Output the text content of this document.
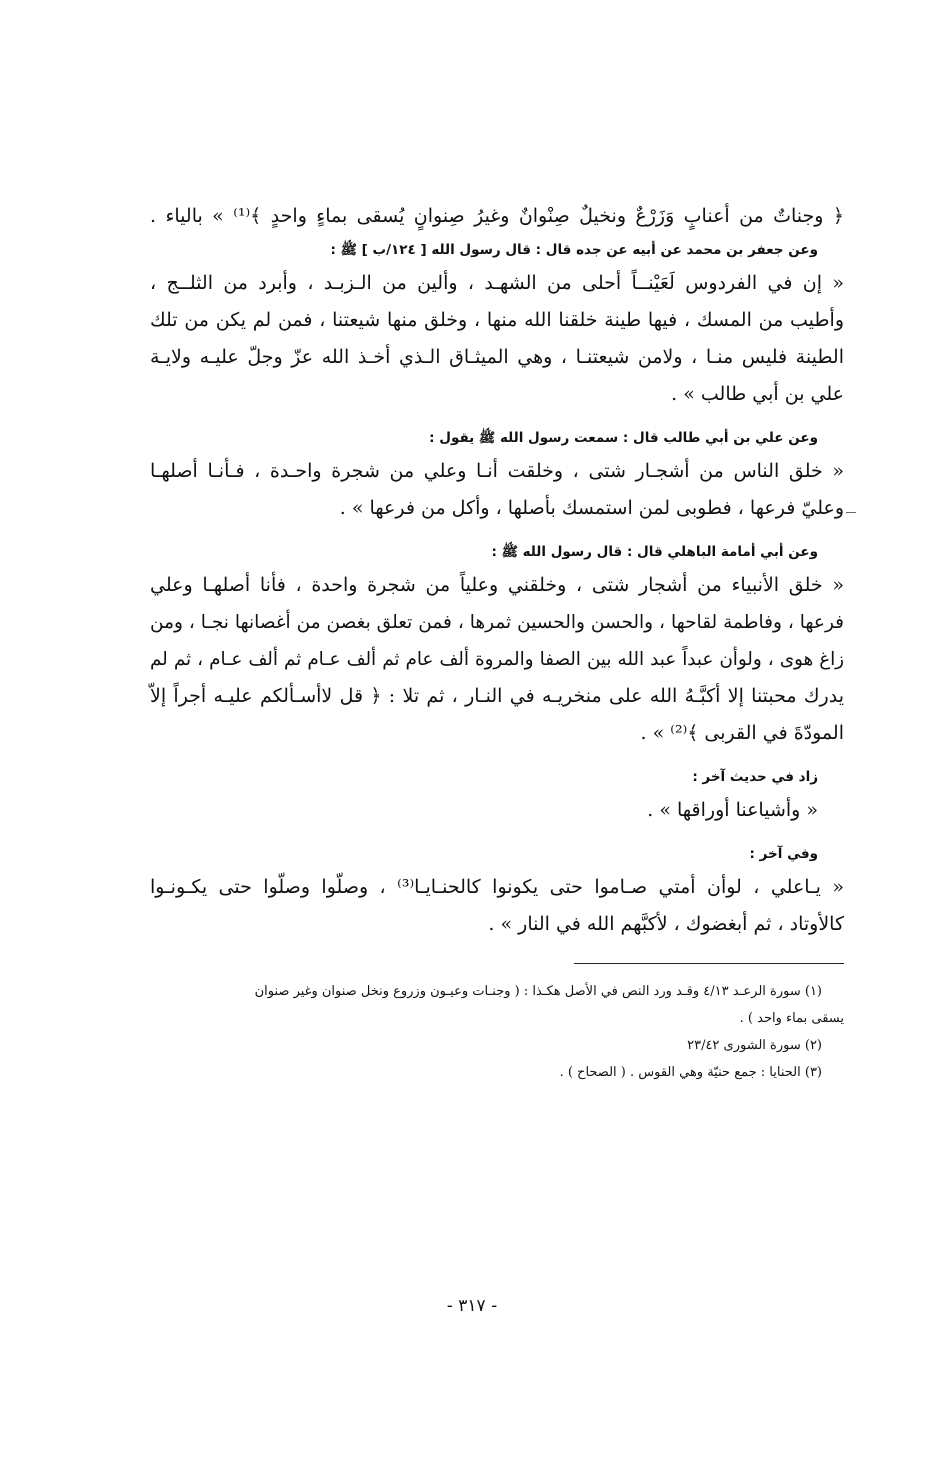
﴿ وجناتٌ من أعنابٍ وَزَرْعٌ ونخيلٌ صِنْوانٌ وغيرُ صِنوانٍ يُسقى بماءٍ واحدٍ ﴾⁽¹⁾ » بالياء .
وعن جعفر بن محمد عن أبيه عن جده قال : قال رسول الله [ ١٢٤/ب ] ﷺ :
« إن في الفردوس لَعَيْنــاً أحلى من الشهـد ، وألين من الـزبـد ، وأبرد من الثلــج ،
وأطيب من المسك ، فيها طينة خلقنا الله منها ، وخلق منها شيعتنا ، فمن لم يكن من تلك
الطينة فليس منـا ، ولامن شيعتنـا ، وهي الميثـاق الـذي أخـذ الله عزّ وجلّ عليـه ولايـة
علي بن أبي طالب » .
وعن علي بن أبي طالب قال : سمعت رسول الله ﷺ يقول :
« خلق الناس من أشجـار شتى ، وخلقت أنـا وعلي من شجرة واحـدة ، فـأنـا أصلهـا
وعليّ فرعها ، فطوبى لمن استمسك بأصلها ، وأكل من فرعها » .
وعن أبي أمامة الباهلي قال : قال رسول الله ﷺ :
« خلق الأنبياء من أشجار شتى ، وخلقني وعلياً من شجرة واحدة ، فأنا أصلهـا وعلي
فرعها ، وفاطمة لقاحها ، والحسن والحسين ثمرها ، فمن تعلق بغصن من أغصانها نجـا ، ومن
زاغ هوى ، ولوأن عبداً عبد الله بين الصفا والمروة ألف عام ثم ألف عـام ثم ألف عـام ، ثم لم
يدرك محبتنا إلا أكبَّـهُ الله على منخريـه في النـار ، ثم تلا : ﴿ قل لاأسـألكم عليـه أجراً إلاّ
المودّةَ في القربى ﴾⁽²⁾ » .
زاد في حديث آخر :
« وأشياعنا أوراقها » .
وفي آخر :
« يـاعلي ، لوأن أمتي صـاموا حتى يكونوا كالحنـايـا⁽³⁾ ، وصلّوا وصلّوا حتى يكـونـوا
كالأوتاد ، ثم أبغضوك ، لأكبَّهم الله في النار » .
(١) سورة الرعـد ٤/١٣ وقـد ورد النص في الأصل هكـذا : ( وجنـات وعيـون وزروع ونخل صنوان وغير صنوان
يسقى بماء واحد ) .
(٢) سورة الشورى ٢٣/٤٢
(٣) الحنايا : جمع حنيّة وهي القوس . ( الصحاح ) .
- ٣١٧ -
